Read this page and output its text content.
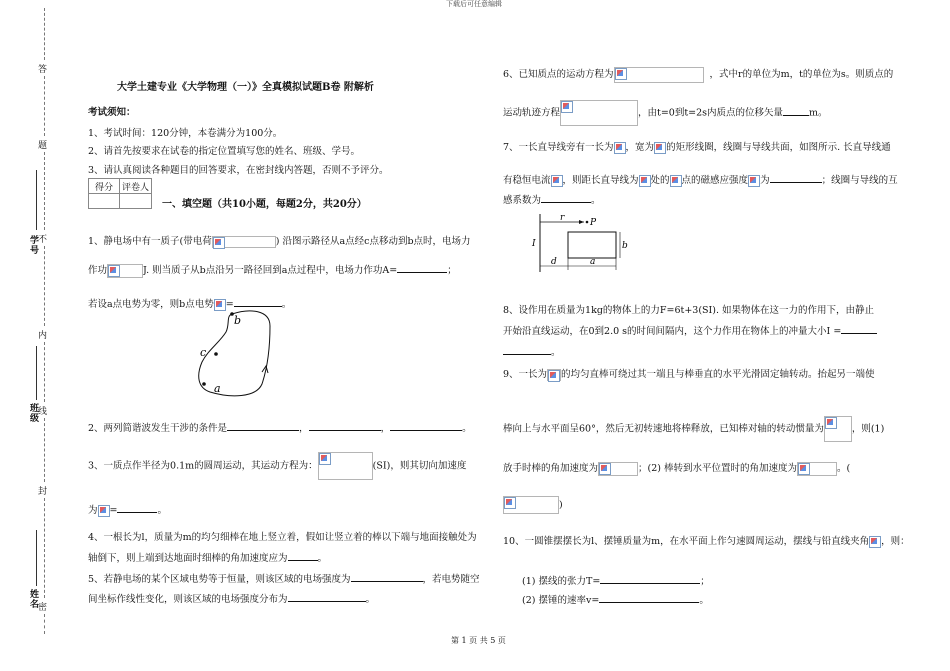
下载后可任意编辑
第 1 页 共 5 页
答
题
不
内
线
封
密
学号
班级
姓名
大学土建专业《大学物理（一）》全真模拟试题B卷 附解析
考试须知：
1、考试时间：120分钟，本卷满分为100分。
2、请首先按要求在试卷的指定位置填写您的姓名、班级、学号。
3、请认真阅读各种题目的回答要求，在密封线内答题，否则不予评分。
得分	评卷人

一、填空题（共10小题，每题2分，共20分）
1、静电场中有一质子(带电荷	) 沿图示路径从a点经c点移动到b点时，电场力
作功	J. 则当质子从b点沿另一路径回到a点过程中，电场力作功A=	；
若设a点电势为零，则b点电势 =	。
b
c
a
2、两列简谐波发生干涉的条件是	，	，	。
3、一质点作半径为0.1m的圆周运动，其运动方程为：	(SI)，则其切向加速度
为 =	。
4、一根长为l，质量为m的均匀细棒在地上竖立着，假如让竖立着的棒以下端与地面接触处为
轴倒下，则上端到达地面时细棒的角加速度应为	。
5、若静电场的某个区域电势等于恒量，则该区域的电场强度为	，若电势随空
间坐标作线性变化，则该区域的电场强度分布为	。
6、已知质点的运动方程为	，式中r的单位为m，t的单位为s。则质点的
运动轨迹方程	，由t=0到t=2s内质点的位移矢量	m。
7、一长直导线旁有一长为 ，宽为 的矩形线圈，线圈与导线共面，如图所示. 长直导线通
有稳恒电流 ，则距长直导线为 处的 点的磁感应强度 为	；线圈与导线的互
感系数为	。
r	P
I	b
d	a
8、设作用在质量为1kg的物体上的力F=6t+3(SI). 如果物体在这一力的作用下，由静止
开始沿直线运动，在0到2.0 s的时间间隔内，这个力作用在物体上的冲量大小I =
。
9、一长为 的均匀直棒可绕过其一端且与棒垂直的水平光滑固定轴转动。抬起另一端使
棒向上与水平面呈60°，然后无初转速地将棒释放，已知棒对轴的转动惯量为	，则(1)
放手时棒的角加速度为	；(2) 棒转到水平位置时的角加速度为	。(
)
10、一圆锥摆摆长为l、摆锤质量为m，在水平面上作匀速圆周运动，摆线与铅直线夹角 ，则：
(1) 摆线的张力T=	；
(2) 摆锤的速率v=	。
